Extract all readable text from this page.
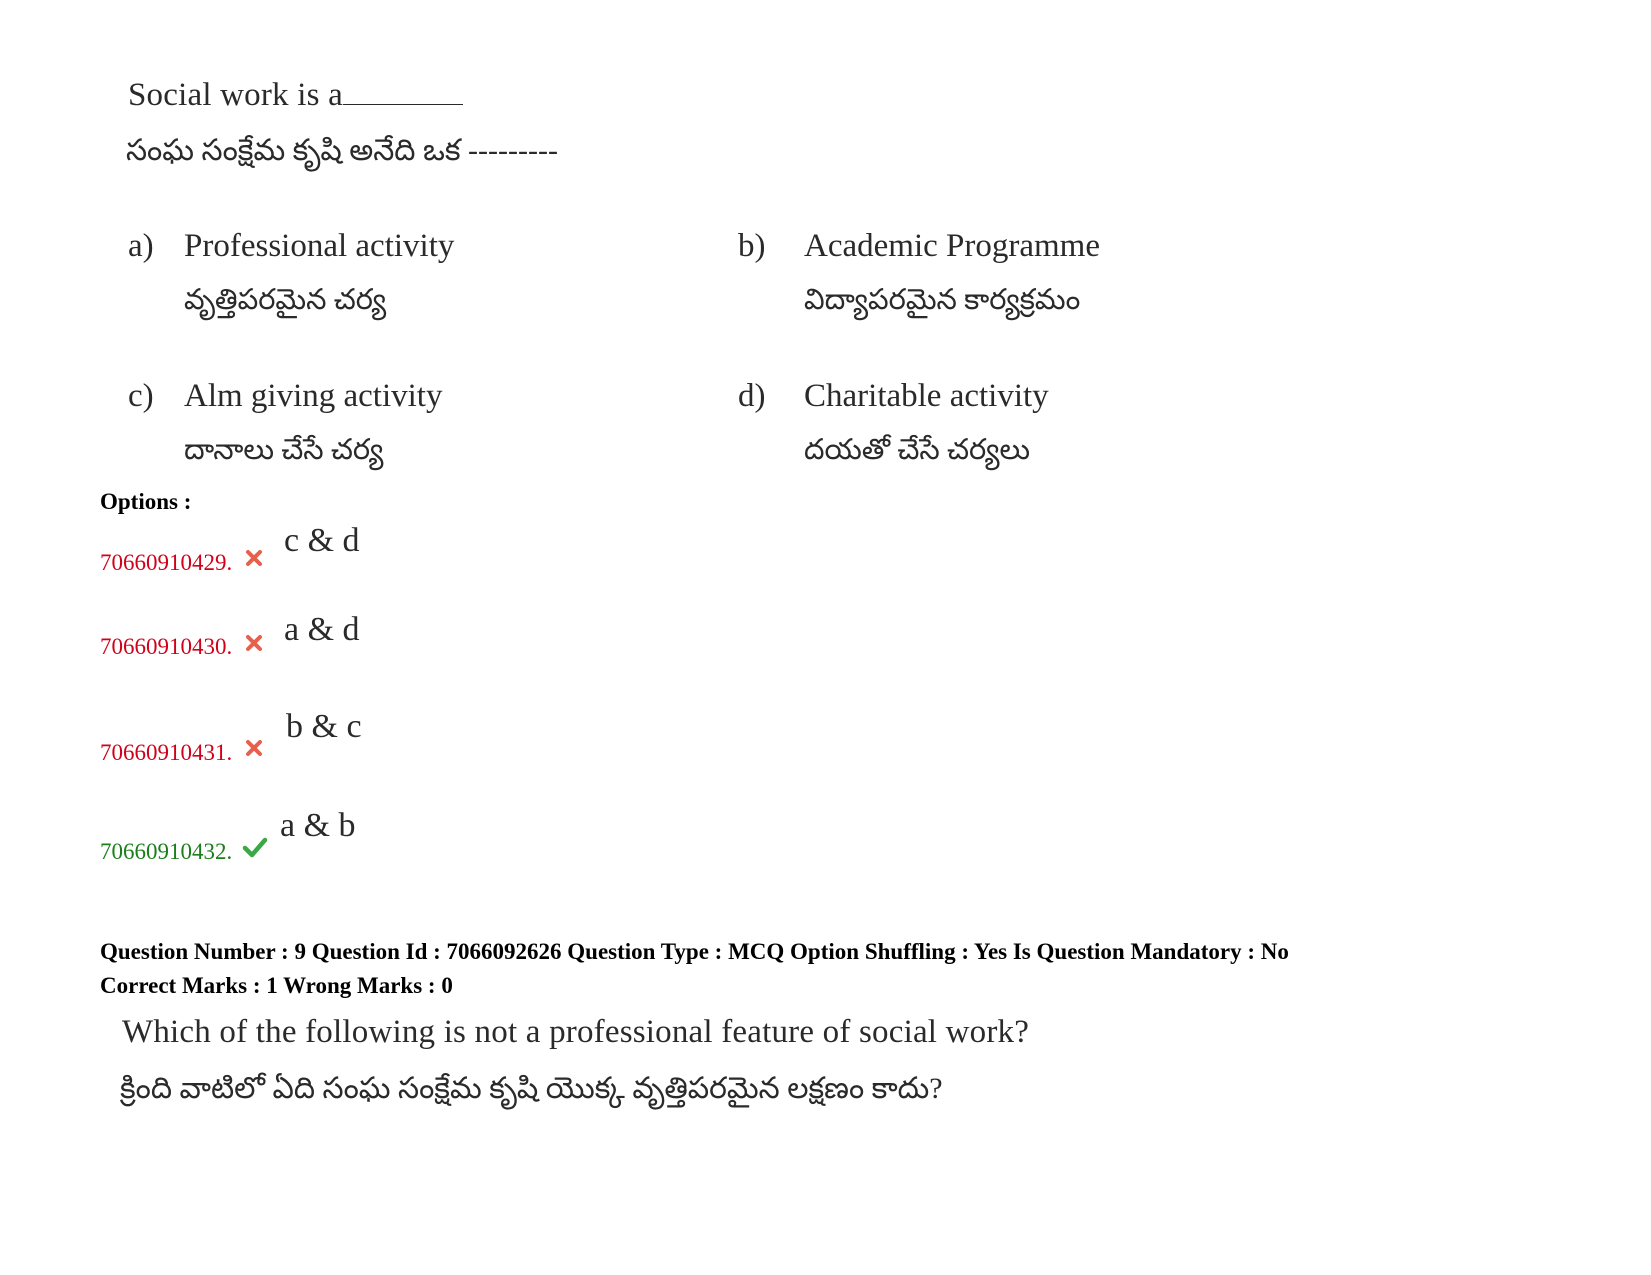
Social work is a
సంఘ సంక్షేమ కృషి అనేది ఒక ---------
a) Professional activity
వృత్తిపరమైన చర్య
b) Academic Programme
విద్యాపరమైన కార్యక్రమం
c) Alm giving activity
దానాలు చేసే చర్య
d) Charitable activity
దయతో చేసే చర్యలు
Options :
70660910429.
c & d
70660910430. a & d
70660910431.
b & c
70660910432.
a & b
Question Number : 9 Question Id : 7066092626 Question Type : MCQ Option Shuffling : Yes Is Question Mandatory : No
Correct Marks : 1 Wrong Marks : 0
Which of the following is not a professional feature of social work?
క్రింది వాటిలో ఏది సంఘ సంక్షేమ కృషి యొక్క వృత్తిపరమైన లక్షణం కాదు?
